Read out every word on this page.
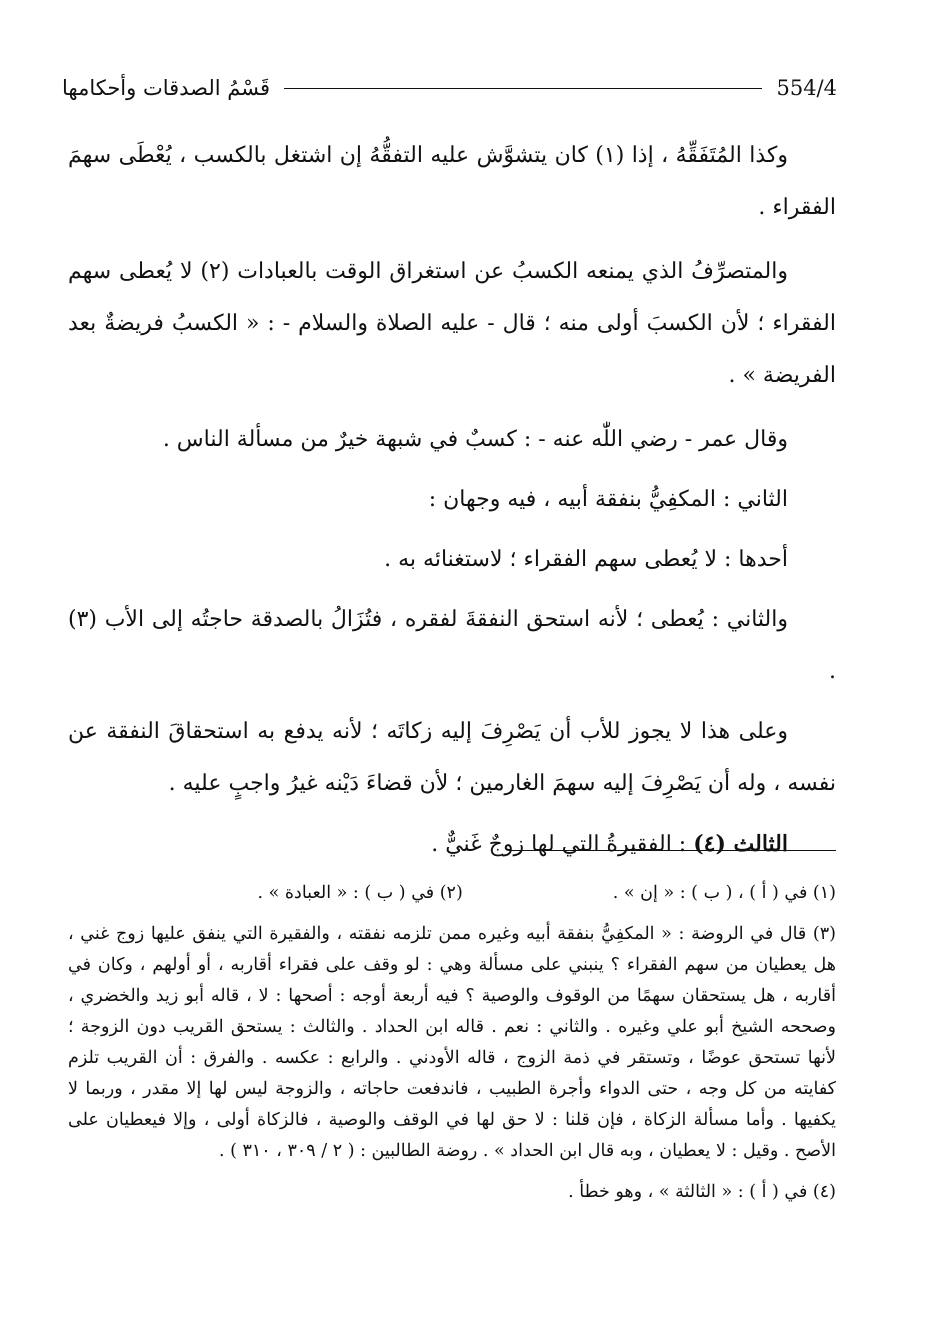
قَسْمُ الصدقات وأحكامها	554/4

وكذا المُتَفَقِّهُ ، إذا (١) كان يتشوَّش عليه التفقُّهُ إن اشتغل بالكسب ، يُعْطَى سهمَ الفقراء .

والمتصرِّفُ الذي يمنعه الكسبُ عن استغراق الوقت بالعبادات (٢) لا يُعطى سهم الفقراء ؛ لأن الكسبَ أولى منه ؛ قال - عليه الصلاة والسلام - : « الكسبُ فريضةٌ بعد الفريضة » .

وقال عمر - رضي اللّٰه عنه - : كسبٌ في شبهة خيرٌ من مسألة الناس .

الثاني : المكفِيُّ بنفقة أبيه ، فيه وجهان :

أحدها : لا يُعطى سهم الفقراء ؛ لاستغنائه به .

والثاني : يُعطى ؛ لأنه استحق النفقةَ لفقره ، فتُزَالُ بالصدقة حاجتُه إلى الأب (٣) .

وعلى هذا لا يجوز للأب أن يَصْرِفَ إليه زكاتَه ؛ لأنه يدفع به استحقاقَ النفقة عن نفسه ، وله أن يَصْرِفَ إليه سهمَ الغارمين ؛ لأن قضاءَ دَيْنه غيرُ واجبٍ عليه .

الثالث (٤) : الفقيرةُ التي لها زوجٌ غَنيٌّ .

(١) في ( أ ) ، ( ب ) : « إن » .
(٢) في ( ب ) : « العبادة » .

(٣) قال في الروضة : « المكفِيُّ بنفقة أبيه وغيره ممن تلزمه نفقته ، والفقيرة التي ينفق عليها زوج غني ، هل يعطيان من سهم الفقراء ؟ ينبني على مسألة وهي : لو وقف على فقراء أقاربه ، أو أولهم ، وكان في أقاربه ، هل يستحقان سهمًا من الوقوف والوصية ؟ فيه أربعة أوجه : أصحها : لا ، قاله أبو زيد والخضري ، وصححه الشيخ أبو علي وغيره . والثاني : نعم . قاله ابن الحداد . والثالث : يستحق القريب دون الزوجة ؛ لأنها تستحق عوضًا ، وتستقر في ذمة الزوج ، قاله الأودني . والرابع : عكسه . والفرق : أن القريب تلزم كفايته من كل وجه ، حتى الدواء وأجرة الطبيب ، فاندفعت حاجاته ، والزوجة ليس لها إلا مقدر ، وربما لا يكفيها . وأما مسألة الزكاة ، فإن قلنا : لا حق لها في الوقف والوصية ، فالزكاة أولى ، وإلا فيعطيان على الأصح . وقيل : لا يعطيان ، وبه قال ابن الحداد » . روضة الطالبين : ( ٢ / ٣٠٩ ، ٣١٠ ) .

(٤) في ( أ ) : « الثالثة » ، وهو خطأ .
